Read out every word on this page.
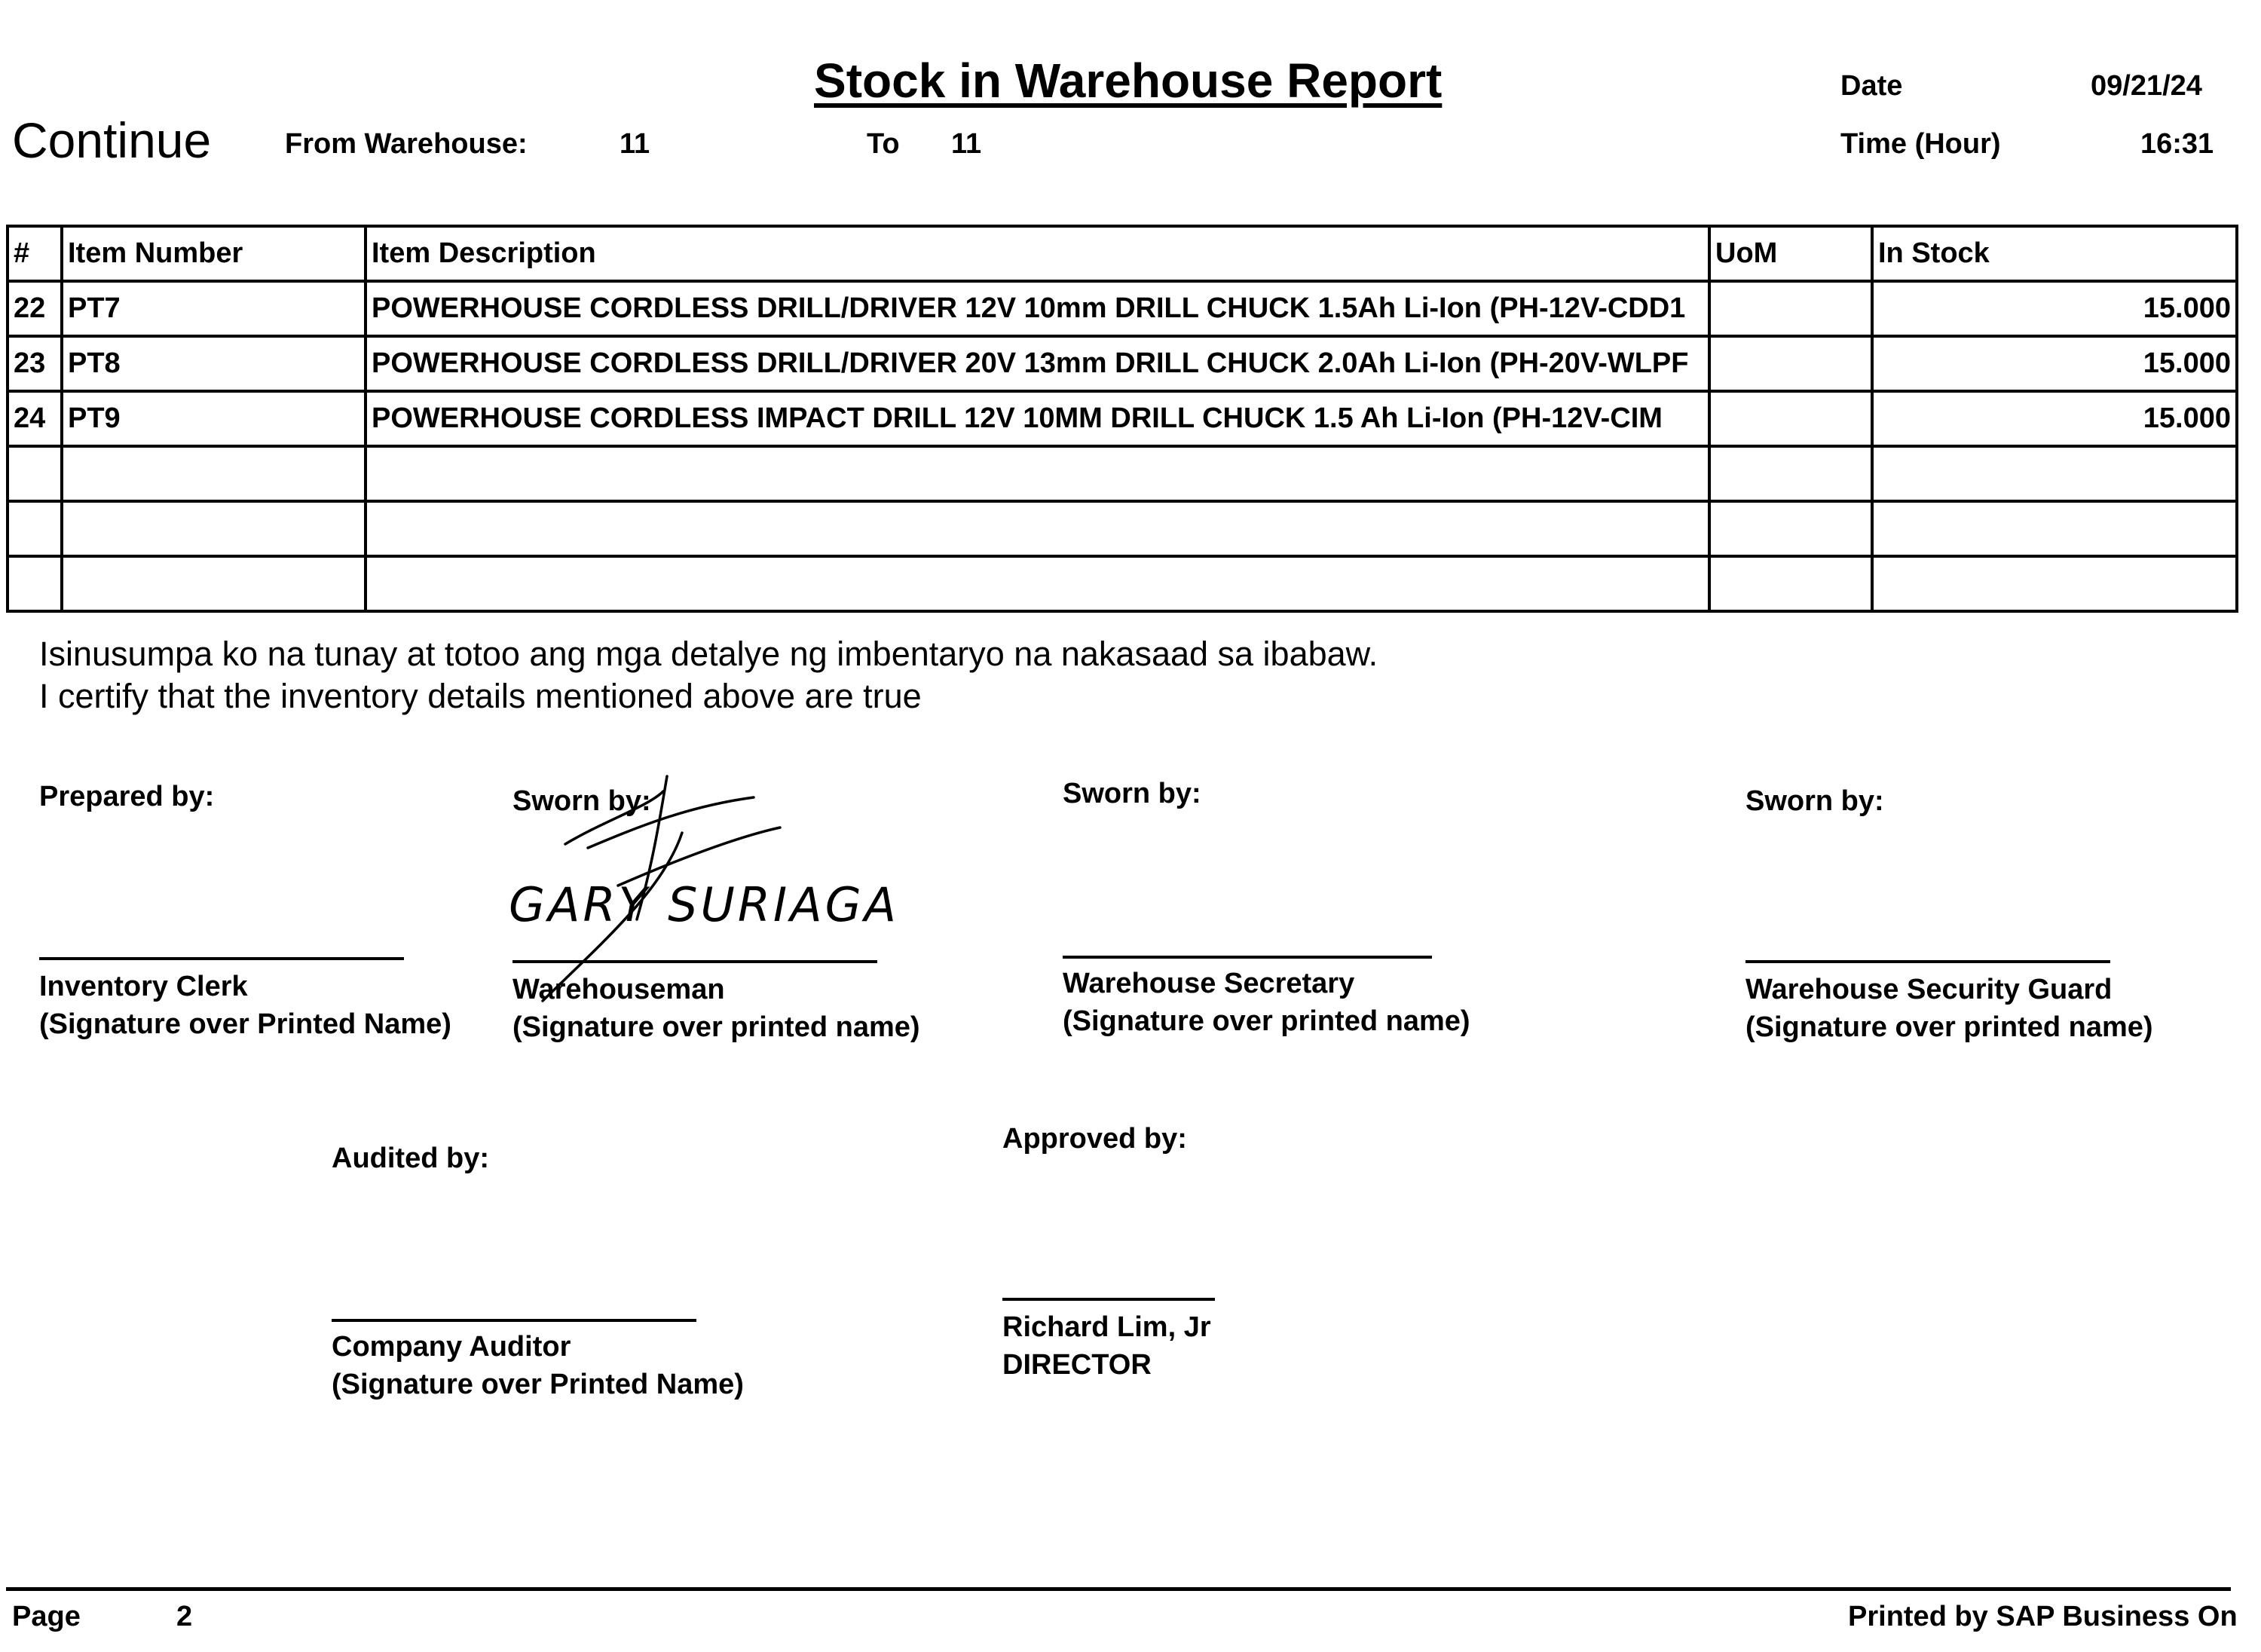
Stock in Warehouse Report
Continue	From Warehouse:	11	To 11
Date	09/21/24
Time (Hour)	16:31
#	Item Number	Item Description	UoM	In Stock
22	PT7	POWERHOUSE CORDLESS DRILL/DRIVER 12V 10mm DRILL CHUCK 1.5Ah Li-Ion (PH-12V-CDD1		15.000
23	PT8	POWERHOUSE CORDLESS DRILL/DRIVER 20V 13mm DRILL CHUCK 2.0Ah Li-Ion (PH-20V-WLPF		15.000
24	PT9	POWERHOUSE CORDLESS IMPACT DRILL 12V 10MM DRILL CHUCK 1.5 Ah Li-Ion (PH-12V-CIM		15.000

Isinusumpa ko na tunay at totoo ang mga detalye ng imbentaryo na nakasaad sa ibabaw.
I certify that the inventory details mentioned above are true
Prepared by:
Inventory Clerk
(Signature over Printed Name)
Sworn by:
GARY SURIAGA
Warehouseman
(Signature over printed name)
Sworn by:
Warehouse Secretary
(Signature over printed name)
Sworn by:
Warehouse Security Guard
(Signature over printed name)
Audited by:
Company Auditor
(Signature over Printed Name)
Approved by:
Richard Lim, Jr
DIRECTOR
Page	2	Printed by SAP Business On
